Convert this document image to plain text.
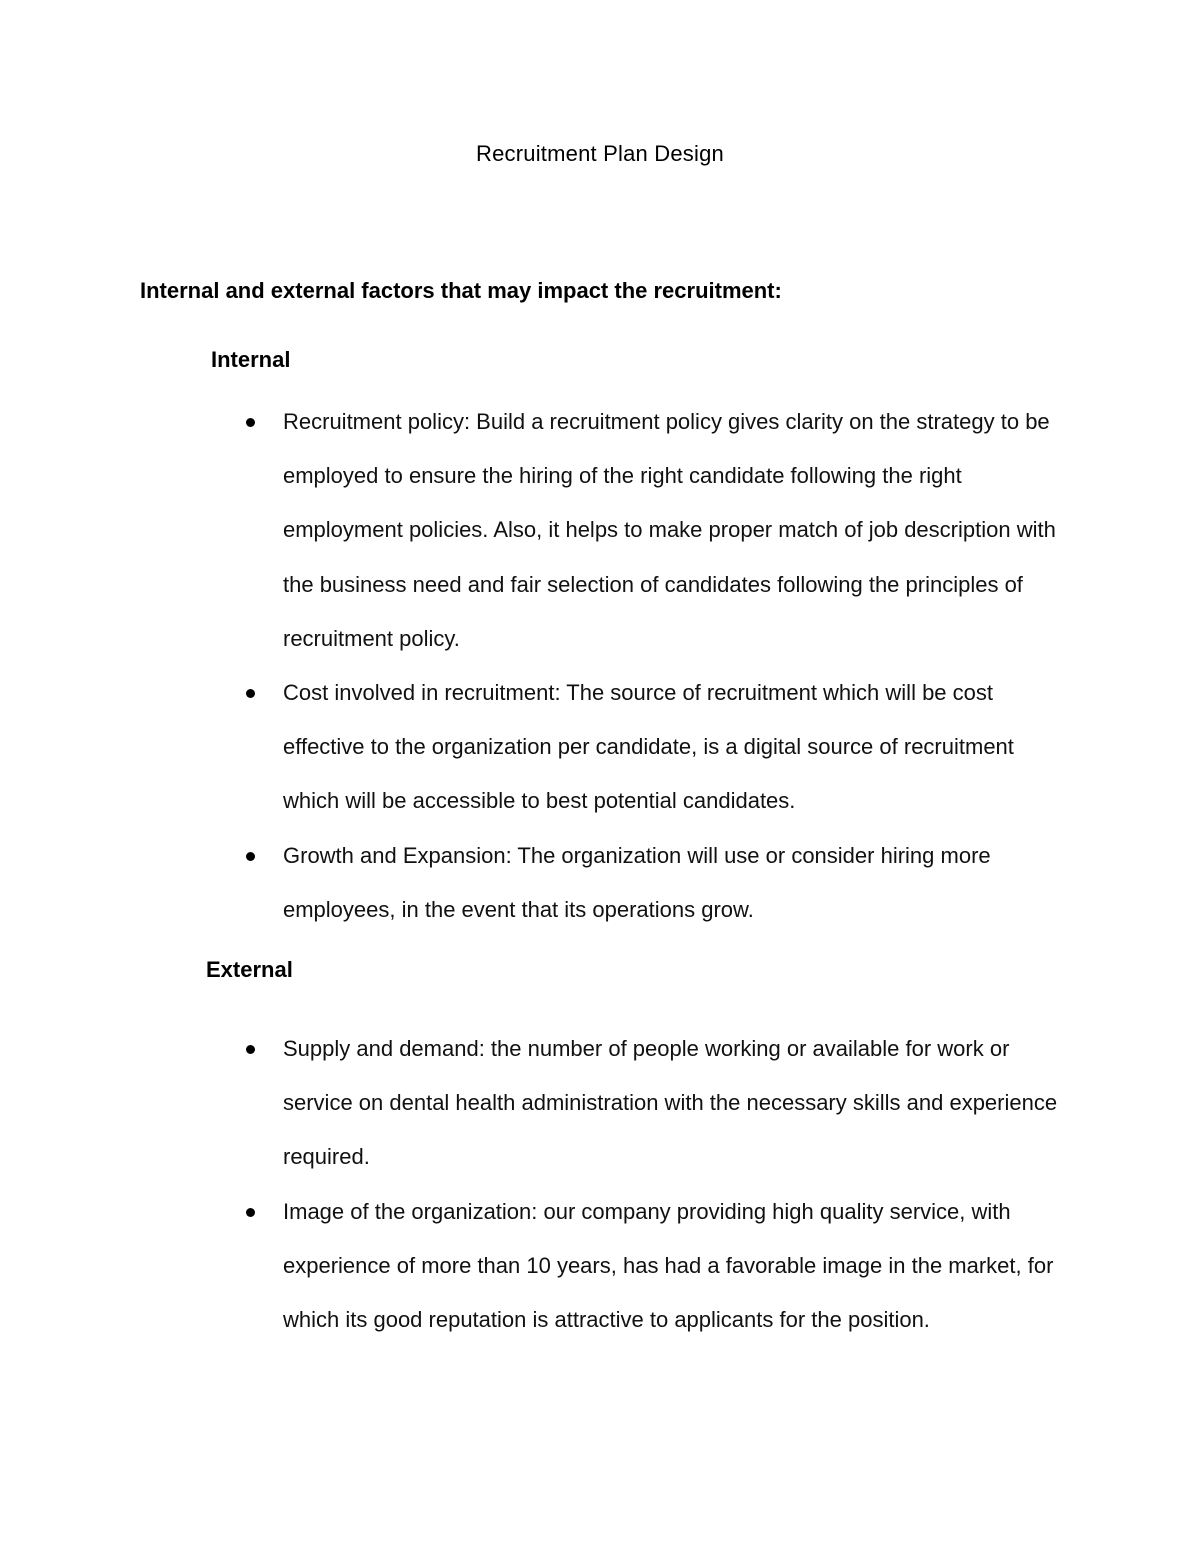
Recruitment Plan Design
Internal and external factors that may impact the recruitment:
Internal
Recruitment policy: Build a recruitment policy gives clarity on the strategy to be employed to ensure the hiring of the right candidate following the right employment policies. Also, it helps to make proper match of job description with the business need and fair selection of candidates following the principles of recruitment policy.
Cost involved in recruitment: The source of recruitment which will be cost effective to the organization per candidate, is a digital source of recruitment which will be accessible to best potential candidates.
Growth and Expansion: The organization will use or consider hiring more employees, in the event that its operations grow.
External
Supply and demand: the number of people working or available for work or service on dental health administration with the necessary skills and experience required.
Image of the organization: our company providing high quality service, with experience of more than 10 years, has had a favorable image in the market, for which its good reputation is attractive to applicants for the position.
